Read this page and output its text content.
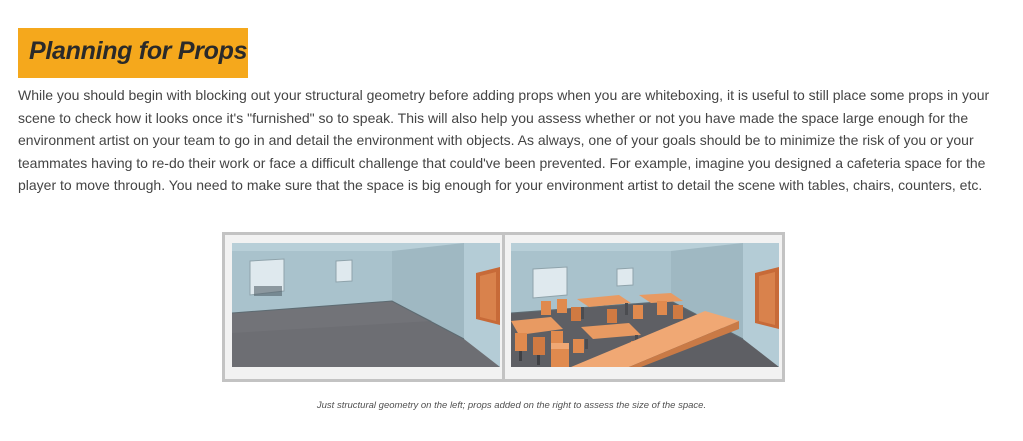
Planning for Props

While you should begin with blocking out your structural geometry before adding props when you are whiteboxing, it is useful to still place some props in your scene to check how it looks once it's "furnished" so to speak. This will also help you assess whether or not you have made the space large enough for the environment artist on your team to go in and detail the environment with objects. As always, one of your goals should be to minimize the risk of you or your teammates having to re-do their work or face a difficult challenge that could've been prevented. For example, imagine you designed a cafeteria space for the player to move through. You need to make sure that the space is big enough for your environment artist to detail the scene with tables, chairs, counters, etc.

Just structural geometry on the left; props added on the right to assess the size of the space.
